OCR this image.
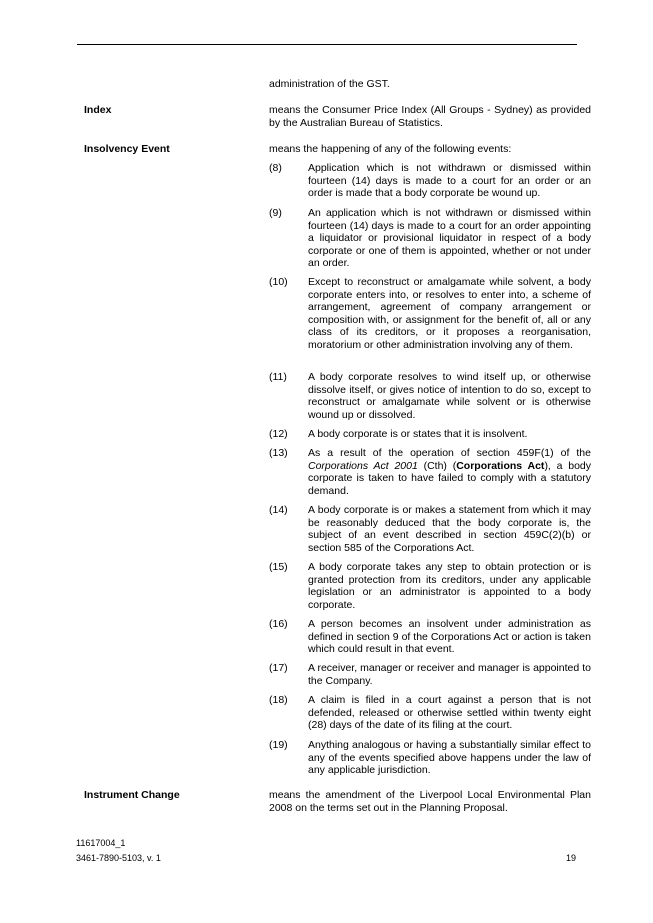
administration of the GST.
Index	means the Consumer Price Index (All Groups - Sydney) as provided by the Australian Bureau of Statistics.
Insolvency Event	means the happening of any of the following events:
(8) Application which is not withdrawn or dismissed within fourteen (14) days is made to a court for an order or an order is made that a body corporate be wound up.
(9) An application which is not withdrawn or dismissed within fourteen (14) days is made to a court for an order appointing a liquidator or provisional liquidator in respect of a body corporate or one of them is appointed, whether or not under an order.
(10) Except to reconstruct or amalgamate while solvent, a body corporate enters into, or resolves to enter into, a scheme of arrangement, agreement of company arrangement or composition with, or assignment for the benefit of, all or any class of its creditors, or it proposes a reorganisation, moratorium or other administration involving any of them.
(11) A body corporate resolves to wind itself up, or otherwise dissolve itself, or gives notice of intention to do so, except to reconstruct or amalgamate while solvent or is otherwise wound up or dissolved.
(12) A body corporate is or states that it is insolvent.
(13) As a result of the operation of section 459F(1) of the Corporations Act 2001 (Cth) (Corporations Act), a body corporate is taken to have failed to comply with a statutory demand.
(14) A body corporate is or makes a statement from which it may be reasonably deduced that the body corporate is, the subject of an event described in section 459C(2)(b) or section 585 of the Corporations Act.
(15) A body corporate takes any step to obtain protection or is granted protection from its creditors, under any applicable legislation or an administrator is appointed to a body corporate.
(16) A person becomes an insolvent under administration as defined in section 9 of the Corporations Act or action is taken which could result in that event.
(17) A receiver, manager or receiver and manager is appointed to the Company.
(18) A claim is filed in a court against a person that is not defended, released or otherwise settled within twenty eight (28) days of the date of its filing at the court.
(19) Anything analogous or having a substantially similar effect to any of the events specified above happens under the law of any applicable jurisdiction.
Instrument Change	means the amendment of the Liverpool Local Environmental Plan 2008 on the terms set out in the Planning Proposal.
11617004_1
3461-7890-5103, v. 1	19
